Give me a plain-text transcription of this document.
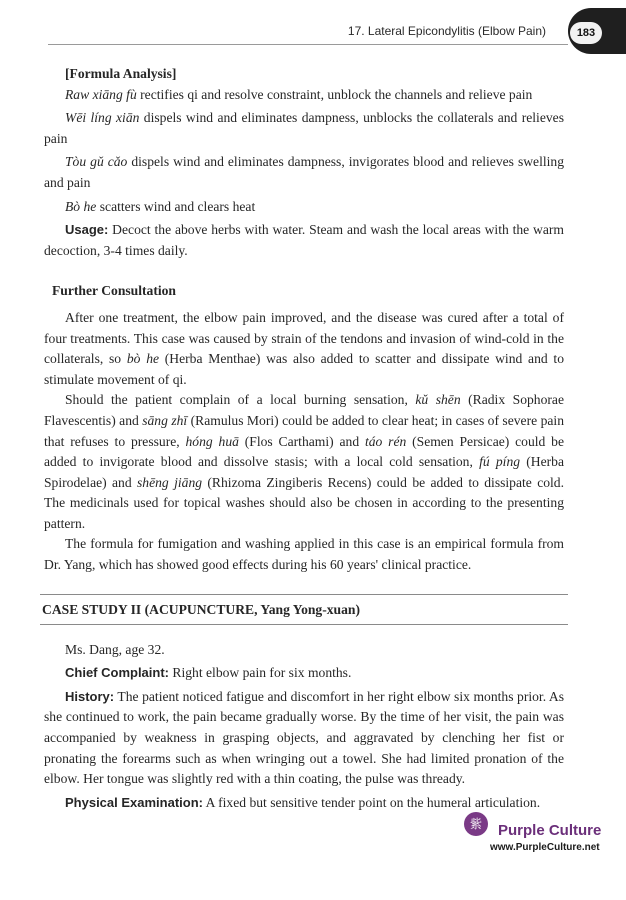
17. Lateral Epicondylitis (Elbow Pain)	183

[Formula Analysis]

Raw xiāng fù rectifies qi and resolve constraint, unblock the channels and relieve pain

Wēi líng xiān dispels wind and eliminates dampness, unblocks the collaterals and relieves pain

Tòu gǔ cǎo dispels wind and eliminates dampness, invigorates blood and relieves swelling and pain

Bò he scatters wind and clears heat

Usage: Decoct the above herbs with water. Steam and wash the local areas with the warm decoction, 3-4 times daily.

Further Consultation

After one treatment, the elbow pain improved, and the disease was cured after a total of four treatments. This case was caused by strain of the tendons and invasion of wind-cold in the collaterals, so bò he (Herba Menthae) was also added to scatter and dissipate wind and to stimulate movement of qi.

Should the patient complain of a local burning sensation, kǔ shēn (Radix Sophorae Flavescentis) and sāng zhī (Ramulus Mori) could be added to clear heat; in cases of severe pain that refuses to pressure, hóng huā (Flos Carthami) and táo rén (Semen Persicae) could be added to invigorate blood and dissolve stasis; with a local cold sensation, fú píng (Herba Spirodelae) and shēng jiāng (Rhizoma Zingiberis Recens) could be added to dissipate cold. The medicinals used for topical washes should also be chosen in according to the presenting pattern.

The formula for fumigation and washing applied in this case is an empirical formula from Dr. Yang, which has showed good effects during his 60 years' clinical practice.

CASE STUDY II (ACUPUNCTURE, Yang Yong-xuan)

Ms. Dang, age 32.

Chief Complaint: Right elbow pain for six months.

History: The patient noticed fatigue and discomfort in her right elbow six months prior. As she continued to work, the pain became gradually worse. By the time of her visit, the pain was accompanied by weakness in grasping objects, and aggravated by clenching her fist or pronating the forearms such as when wringing out a towel. She had limited pronation of the elbow. Her tongue was slightly red with a thin coating, the pulse was thready.

Physical Examination: A fixed but sensitive tender point on the humeral articulation.

紫	Purple Culture
www.PurpleCulture.net
